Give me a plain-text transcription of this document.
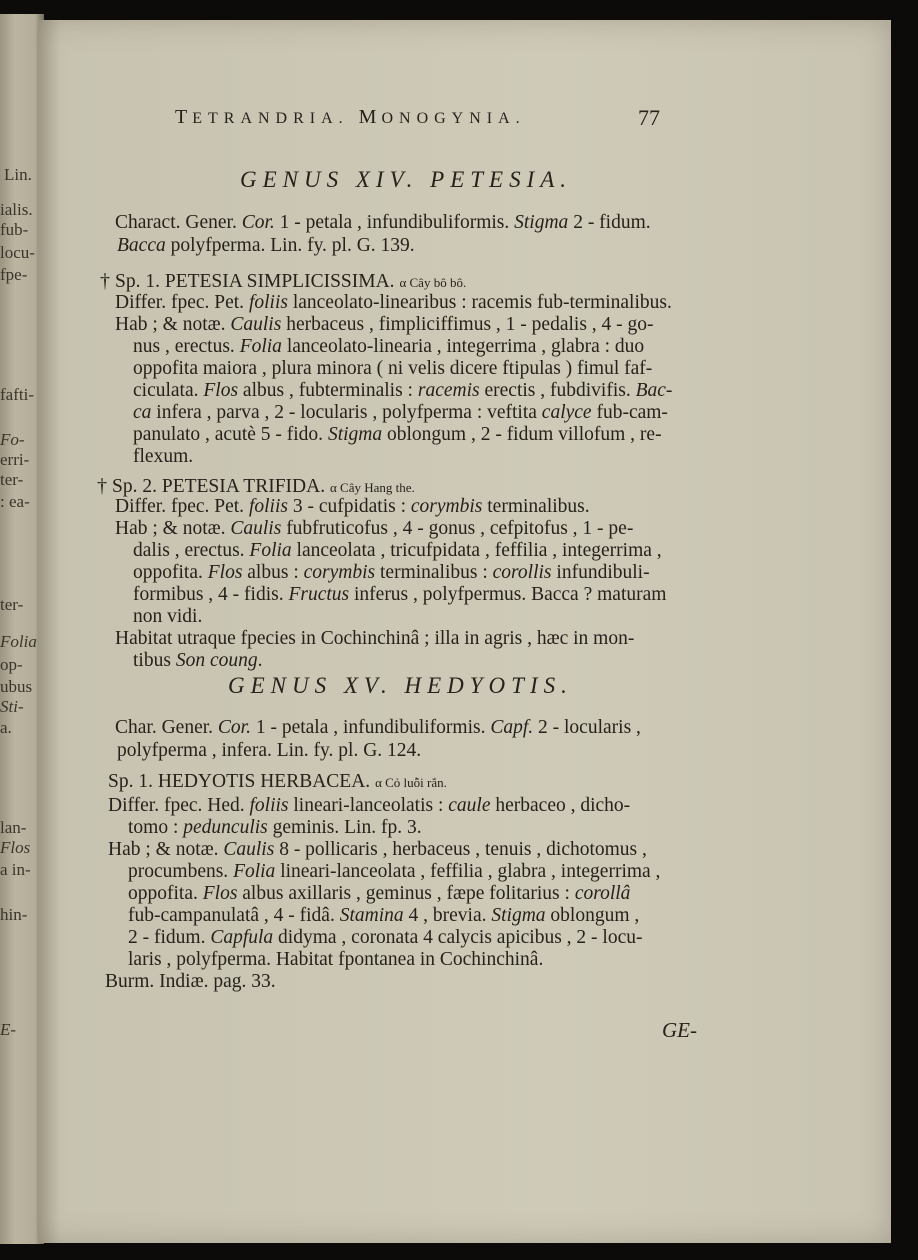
Lin.
ialis.
fub-
locu-
fpe-
fafti-
Fo-
erri-
ter-
: ea-
ter-
Folia
op-
ubus
Sti-
a.
lan-
Flos
a in-
hin-
E-
TETRANDRIA. MONOGYNIA.	77
GENUS XIV. PETESIA.
Charact. Gener. Cor. 1 - petala , infundibuliformis. Stigma 2 - fidum.
Bacca polyfperma. Lin. fy. pl. G. 139.
† Sp. 1. PETESIA SIMPLICISSIMA. α Cây bô bô.
Differ. fpec. Pet. foliis lanceolato-linearibus : racemis fub-terminalibus.
Hab ; & notæ. Caulis herbaceus , fimpliciffimus , 1 - pedalis , 4 - go-
nus , erectus. Folia lanceolato-linearia , integerrima , glabra : duo
oppofita maiora , plura minora ( ni velis dicere ftipulas ) fimul faf-
ciculata. Flos albus , fubterminalis : racemis erectis , fubdivifis. Bac-
ca infera , parva , 2 - locularis , polyfperma : veftita calyce fub-cam-
panulato , acutè 5 - fido. Stigma oblongum , 2 - fidum villofum , re-
flexum.
† Sp. 2. PETESIA TRIFIDA. α Cây Hang the.
Differ. fpec. Pet. foliis 3 - cufpidatis : corymbis terminalibus.
Hab ; & notæ. Caulis fubfruticofus , 4 - gonus , cefpitofus , 1 - pe-
dalis , erectus. Folia lanceolata , tricufpidata , feffilia , integerrima ,
oppofita. Flos albus : corymbis terminalibus : corollis infundibuli-
formibus , 4 - fidis. Fructus inferus , polyfpermus. Bacca ? maturam
non vidi.
Habitat utraque fpecies in Cochinchinâ ; illa in agris , hæc in mon-
tibus Son coung.
GENUS XV. HEDYOTIS.
Char. Gener. Cor. 1 - petala , infundibuliformis. Capf. 2 - locularis ,
polyfperma , infera. Lin. fy. pl. G. 124.
Sp. 1. HEDYOTIS HERBACEA. α Cỏ luỗi rắn.
Differ. fpec. Hed. foliis lineari-lanceolatis : caule herbaceo , dicho-
tomo : pedunculis geminis. Lin. fp. 3.
Hab ; & notæ. Caulis 8 - pollicaris , herbaceus , tenuis , dichotomus ,
procumbens. Folia lineari-lanceolata , feffilia , glabra , integerrima ,
oppofita. Flos albus axillaris , geminus , fæpe folitarius : corollâ
fub-campanulatâ , 4 - fidâ. Stamina 4 , brevia. Stigma oblongum ,
2 - fidum. Capfula didyma , coronata 4 calycis apicibus , 2 - locu-
laris , polyfperma. Habitat fpontanea in Cochinchinâ.
Burm. Indiæ. pag. 33.
GE-
